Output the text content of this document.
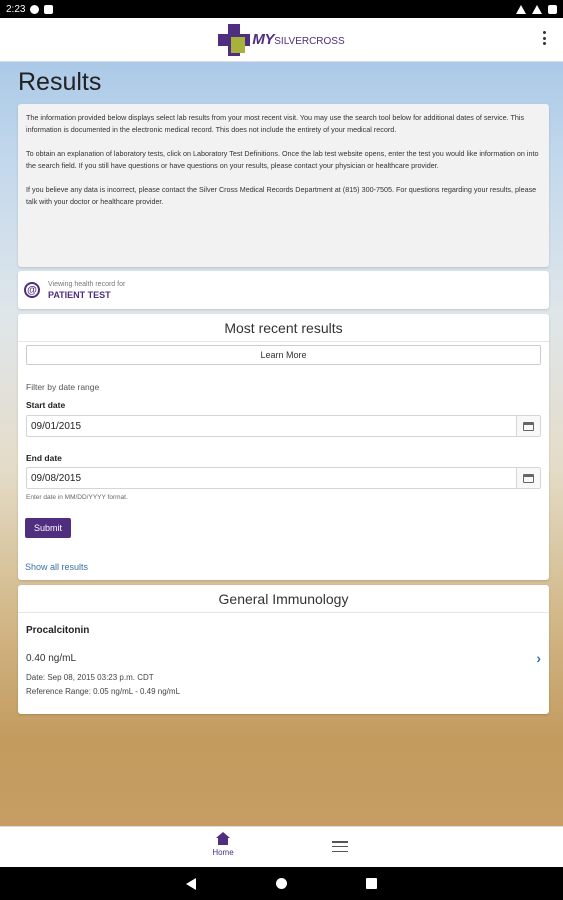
2:23
MYSILVERCROSS
Results

The information provided below displays select lab results from your most recent visit. You may use the search tool below for additional dates of service. This information is documented in the electronic medical record. This does not include the entirety of your medical record.

To obtain an explanation of laboratory tests, click on Laboratory Test Definitions. Once the lab test website opens, enter the test you would like information on into the search field. If you still have questions or have questions on your results, please contact your physician or healthcare provider.

If you believe any data is incorrect, please contact the Silver Cross Medical Records Department at (815) 300-7505. For questions regarding your results, please talk with your doctor or healthcare provider.

@
Viewing health record for
PATIENT TEST
Most recent results
Learn More
Filter by date range
Start date
09/01/2015
End date
09/08/2015
Enter date in MM/DD/YYYY format.
Submit
Show all results
General Immunology
Procalcitonin
0.40 ng/mL	›
Date: Sep 08, 2015 03:23 p.m. CDT
Reference Range: 0.05 ng/mL - 0.49 ng/mL
Home
